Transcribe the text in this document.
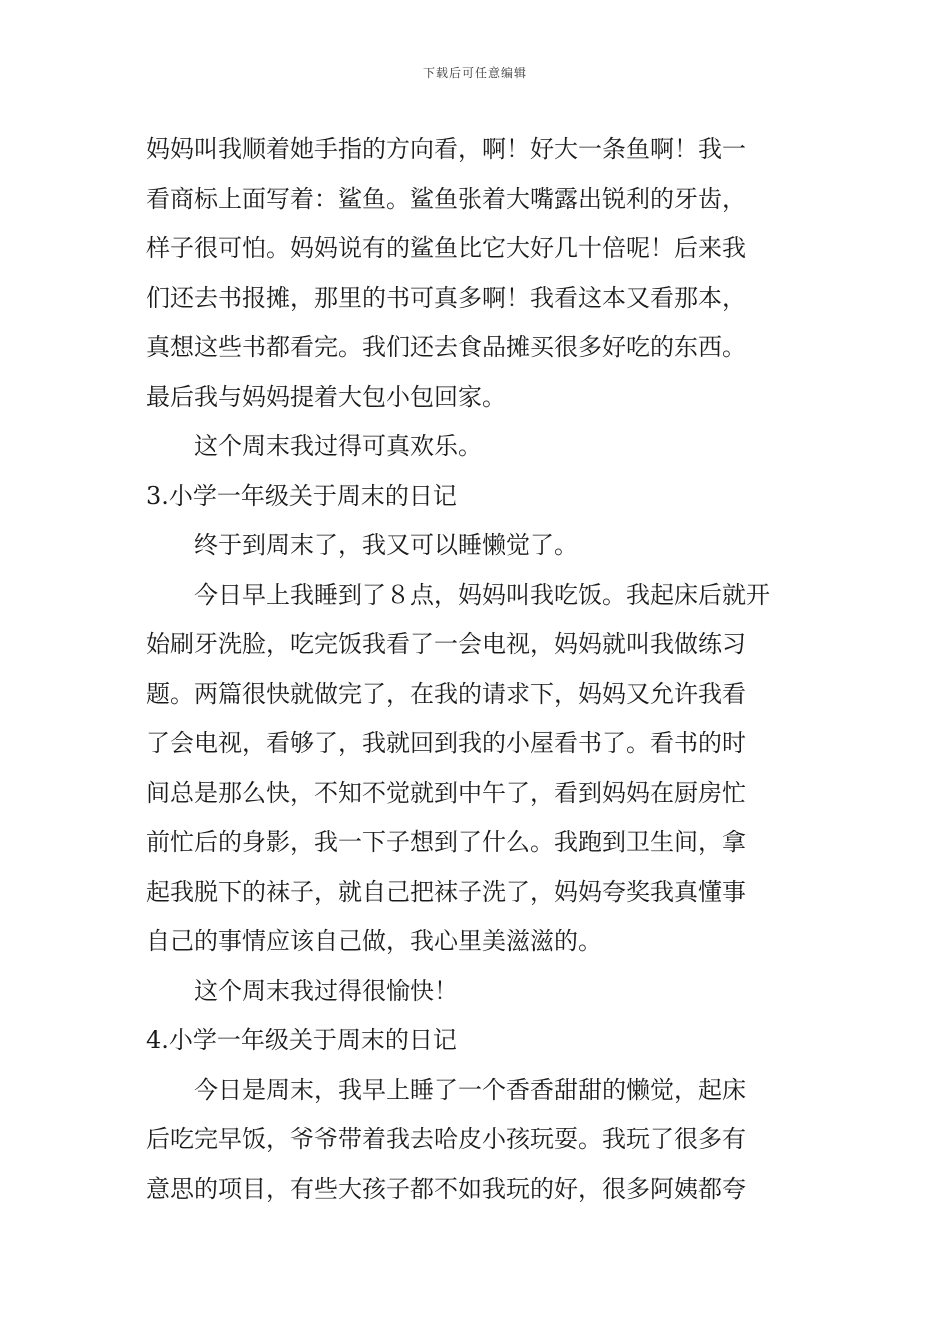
下载后可任意编辑
妈妈叫我顺着她手指的方向看，啊！好大一条鱼啊！我一
看商标上面写着：鲨鱼。鲨鱼张着大嘴露出锐利的牙齿，
样子很可怕。妈妈说有的鲨鱼比它大好几十倍呢！后来我
们还去书报摊，那里的书可真多啊！我看这本又看那本，
真想这些书都看完。我们还去食品摊买很多好吃的东西。
最后我与妈妈提着大包小包回家。
这个周末我过得可真欢乐。
3.小学一年级关于周末的日记
终于到周末了，我又可以睡懒觉了。
今日早上我睡到了８点，妈妈叫我吃饭。我起床后就开
始刷牙洗脸，吃完饭我看了一会电视，妈妈就叫我做练习
题。两篇很快就做完了，在我的请求下，妈妈又允许我看
了会电视，看够了，我就回到我的小屋看书了。看书的时
间总是那么快，不知不觉就到中午了，看到妈妈在厨房忙
前忙后的身影，我一下子想到了什么。我跑到卫生间，拿
起我脱下的袜子，就自己把袜子洗了，妈妈夸奖我真懂事
自己的事情应该自己做，我心里美滋滋的。
这个周末我过得很愉快！
4.小学一年级关于周末的日记
今日是周末，我早上睡了一个香香甜甜的懒觉，起床
后吃完早饭，爷爷带着我去哈皮小孩玩耍。我玩了很多有
意思的项目，有些大孩子都不如我玩的好，很多阿姨都夸
